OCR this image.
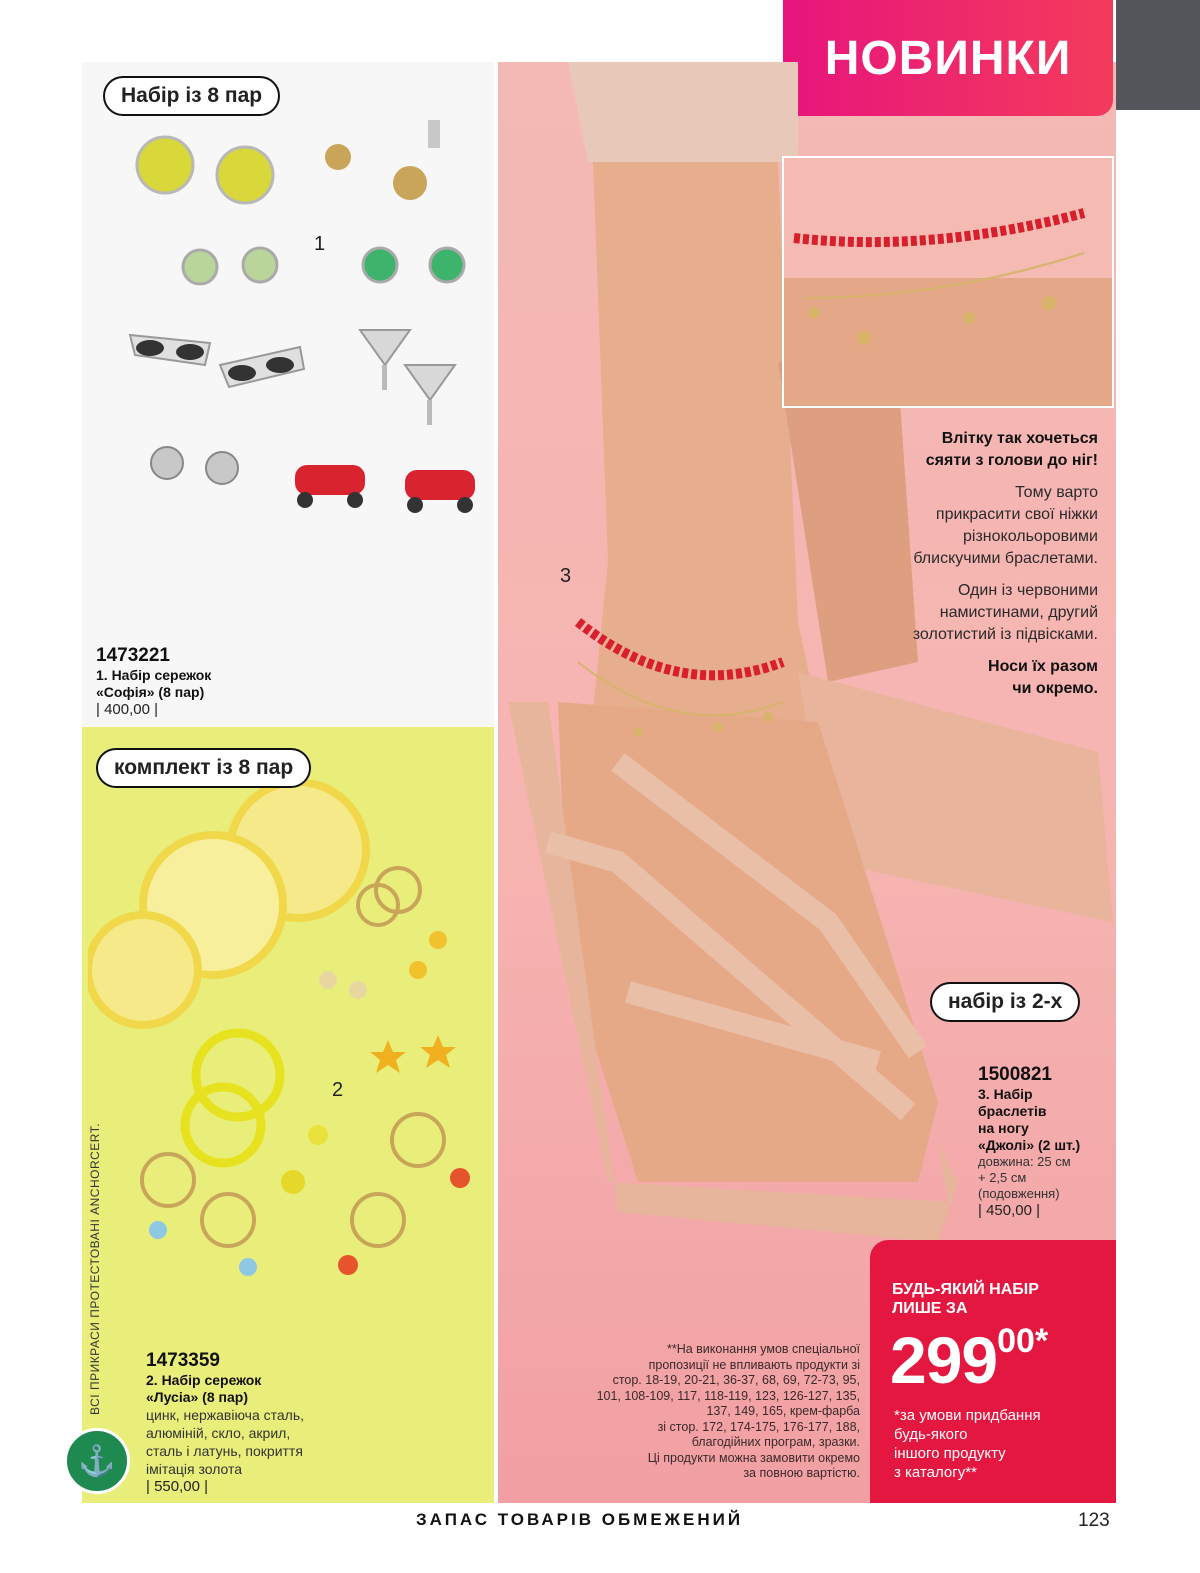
НОВИНКИ
Набір із 8 пар
1
1473221
1. Набір сережок
«Софія» (8 пар)
| 400,00 |
комплект із 8 пар
2
1473359
2. Набір сережок
«Лусіа» (8 пар)
цинк, нержавіюча сталь,
алюміній, скло, акрил,
сталь і латунь, покриття
імітація золота
| 550,00 |
ВСІ ПРИКРАСИ ПРОТЕСТОВАНІ ANCHORCERT.
⚓
3
Влітку так хочеться
сяяти з голови до ніг!
Тому варто
прикрасити свої ніжки
різнокольоровими
блискучими браслетами.
Один із червоними
намистинами, другий
золотистий із підвісками.
Носи їх разом
чи окремо.
набір із 2-х
1500821
3. Набір
браслетів
на ногу
«Джолі» (2 шт.)
довжина: 25 см
+ 2,5 см
(подовження)
| 450,00 |
БУДЬ-ЯКИЙ НАБІР
ЛИШЕ ЗА
29900*
*за умови придбання
будь-якого
іншого продукту
з каталогу**
**На виконання умов спеціальної
пропозиції не впливають продукти зі
стор. 18-19, 20-21, 36-37, 68, 69, 72-73, 95,
101, 108-109, 117, 118-119, 123, 126-127, 135,
137, 149, 165, крем-фарба
зі стор. 172, 174-175, 176-177, 188,
благодійних програм, зразки.
Ці продукти можна замовити окремо
за повною вартістю.
ЗАПАС ТОВАРІВ ОБМЕЖЕНИЙ	123
